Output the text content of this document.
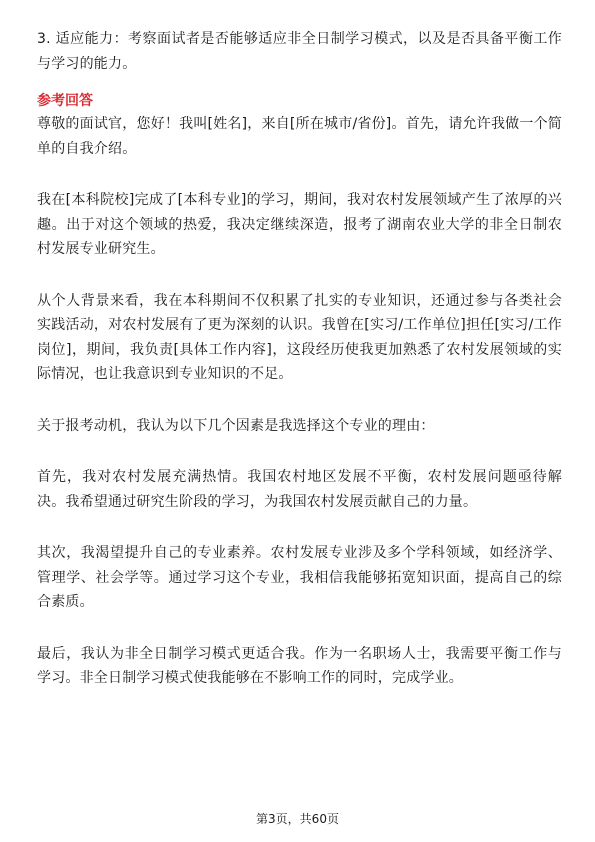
3. 适应能力：考察面试者是否能够适应非全日制学习模式，以及是否具备平衡工作与学习的能力。

参考回答

尊敬的面试官，您好！我叫[姓名]，来自[所在城市/省份]。首先，请允许我做一个简单的自我介绍。

我在[本科院校]完成了[本科专业]的学习，期间，我对农村发展领域产生了浓厚的兴趣。出于对这个领域的热爱，我决定继续深造，报考了湖南农业大学的非全日制农村发展专业研究生。

从个人背景来看，我在本科期间不仅积累了扎实的专业知识，还通过参与各类社会实践活动，对农村发展有了更为深刻的认识。我曾在[实习/工作单位]担任[实习/工作岗位]，期间，我负责[具体工作内容]，这段经历使我更加熟悉了农村发展领域的实际情况，也让我意识到专业知识的不足。

关于报考动机，我认为以下几个因素是我选择这个专业的理由：

首先，我对农村发展充满热情。我国农村地区发展不平衡，农村发展问题亟待解决。我希望通过研究生阶段的学习，为我国农村发展贡献自己的力量。

其次，我渴望提升自己的专业素养。农村发展专业涉及多个学科领域，如经济学、管理学、社会学等。通过学习这个专业，我相信我能够拓宽知识面，提高自己的综合素质。

最后，我认为非全日制学习模式更适合我。作为一名职场人士，我需要平衡工作与学习。非全日制学习模式使我能够在不影响工作的同时，完成学业。

第3页，共60页
